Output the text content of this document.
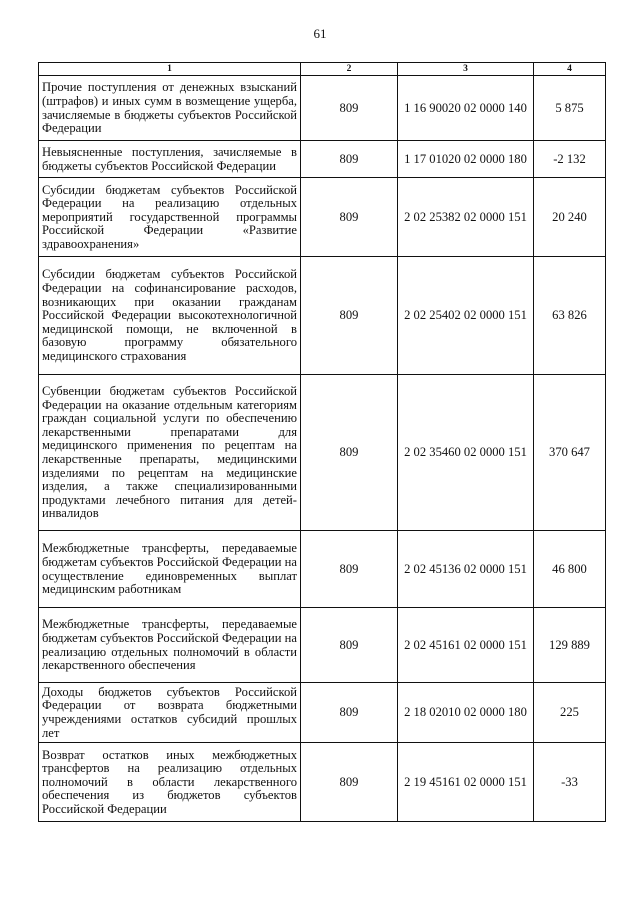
61
1	2	3	4
Прочие поступления от денежных взысканий (штрафов) и иных сумм в возмещение ущерба, зачисляемые в бюджеты субъектов Российской Федерации	809	1 16 90020 02 0000 140	5 875
Невыясненные поступления, зачисляемые в бюджеты субъектов Российской Федерации	809	1 17 01020 02 0000 180	-2 132
Субсидии бюджетам субъектов Российской Федерации на реализацию отдельных мероприятий государственной программы Российской Федерации «Развитие здравоохранения»	809	2 02 25382 02 0000 151	20 240
Субсидии бюджетам субъектов Российской Федерации на софинансирование расходов, возникающих при оказании гражданам Российской Федерации высокотехнологичной медицинской помощи, не включенной в базовую программу обязательного медицинского страхования	809	2 02 25402 02 0000 151	63 826
Субвенции бюджетам субъектов Российской Федерации на оказание отдельным категориям граждан социальной услуги по обеспечению лекарственными препаратами для медицинского применения по рецептам на лекарственные препараты, медицинскими изделиями по рецептам на медицинские изделия, а также специализированными продуктами лечебного питания для детей-инвалидов	809	2 02 35460 02 0000 151	370 647
Межбюджетные трансферты, передаваемые бюджетам субъектов Российской Федерации на осуществление единовременных выплат медицинским работникам	809	2 02 45136 02 0000 151	46 800
Межбюджетные трансферты, передаваемые бюджетам субъектов Российской Федерации на реализацию отдельных полномочий в области лекарственного обеспечения	809	2 02 45161 02 0000 151	129 889
Доходы бюджетов субъектов Российской Федерации от возврата бюджетными учреждениями остатков субсидий прошлых лет	809	2 18 02010 02 0000 180	225
Возврат остатков иных межбюджетных трансфертов на реализацию отдельных полномочий в области лекарственного обеспечения из бюджетов субъектов Российской Федерации	809	2 19 45161 02 0000 151	-33
